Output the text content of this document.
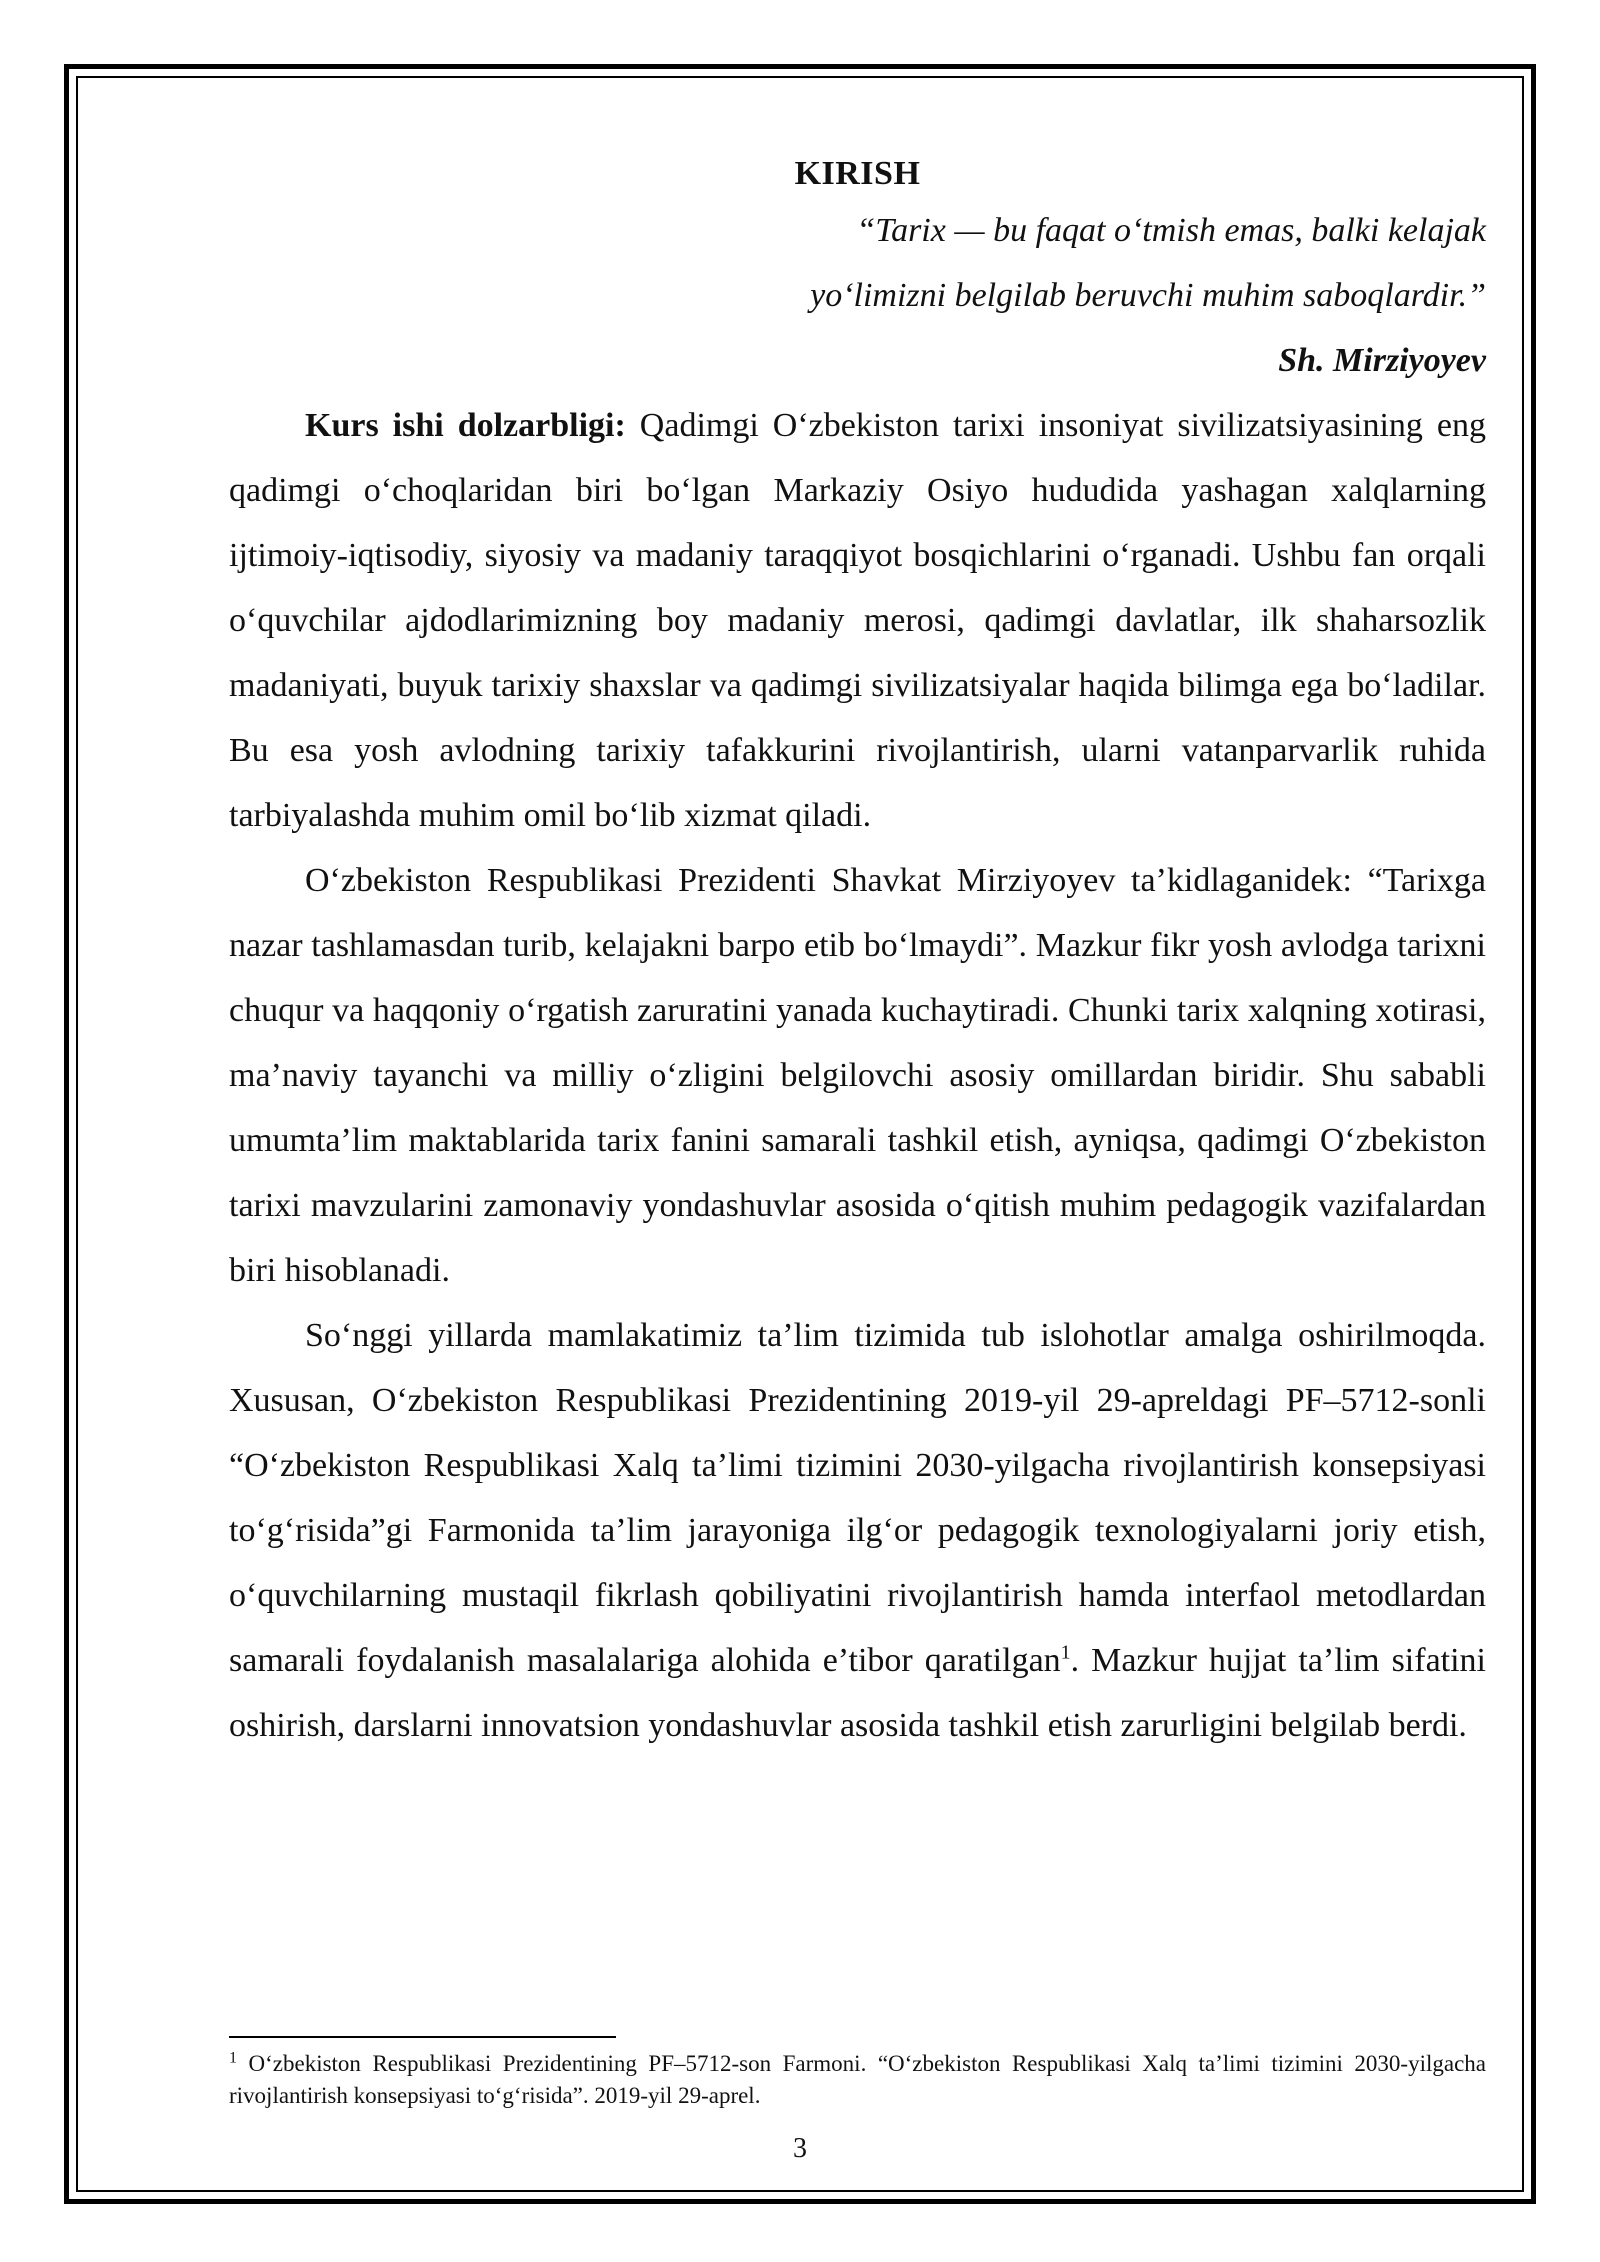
KIRISH

“Tarix — bu faqat o‘tmish emas, balki kelajak

yo‘limizni belgilab beruvchi muhim saboqlardir.”

Sh. Mirziyoyev

Kurs ishi dolzarbligi: Qadimgi O‘zbekiston tarixi insoniyat sivilizatsiyasining eng qadimgi o‘choqlaridan biri bo‘lgan Markaziy Osiyo hududida yashagan xalqlarning ijtimoiy-iqtisodiy, siyosiy va madaniy taraqqiyot bosqichlarini o‘rganadi. Ushbu fan orqali o‘quvchilar ajdodlarimizning boy madaniy merosi, qadimgi davlatlar, ilk shaharsozlik madaniyati, buyuk tarixiy shaxslar va qadimgi sivilizatsiyalar haqida bilimga ega bo‘ladilar. Bu esa yosh avlodning tarixiy tafakkurini rivojlantirish, ularni vatanparvarlik ruhida tarbiyalashda muhim omil bo‘lib xizmat qiladi.

O‘zbekiston Respublikasi Prezidenti Shavkat Mirziyoyev ta’kidlaganidek: “Tarixga nazar tashlamasdan turib, kelajakni barpo etib bo‘lmaydi”. Mazkur fikr yosh avlodga tarixni chuqur va haqqoniy o‘rgatish zaruratini yanada kuchaytiradi. Chunki tarix xalqning xotirasi, ma’naviy tayanchi va milliy o‘zligini belgilovchi asosiy omillardan biridir. Shu sababli umumta’lim maktablarida tarix fanini samarali tashkil etish, ayniqsa, qadimgi O‘zbekiston tarixi mavzularini zamonaviy yondashuvlar asosida o‘qitish muhim pedagogik vazifalardan biri hisoblanadi.

So‘nggi yillarda mamlakatimiz ta’lim tizimida tub islohotlar amalga oshirilmoqda. Xususan, O‘zbekiston Respublikasi Prezidentining 2019-yil 29-apreldagi PF–5712-sonli “O‘zbekiston Respublikasi Xalq ta’limi tizimini 2030-yilgacha rivojlantirish konsepsiyasi to‘g‘risida”gi Farmonida ta’lim jarayoniga ilg‘or pedagogik texnologiyalarni joriy etish, o‘quvchilarning mustaqil fikrlash qobiliyatini rivojlantirish hamda interfaol metodlardan samarali foydalanish masalalariga alohida e’tibor qaratilgan$^1$. Mazkur hujjat ta’lim sifatini oshirish, darslarni innovatsion yondashuvlar asosida tashkil etish zarurligini belgilab berdi.

$^1$ O‘zbekiston Respublikasi Prezidentining PF–5712-son Farmoni. “O‘zbekiston Respublikasi Xalq ta’limi tizimini 2030-yilgacha rivojlantirish konsepsiyasi to‘g‘risida”. 2019-yil 29-aprel.

3
